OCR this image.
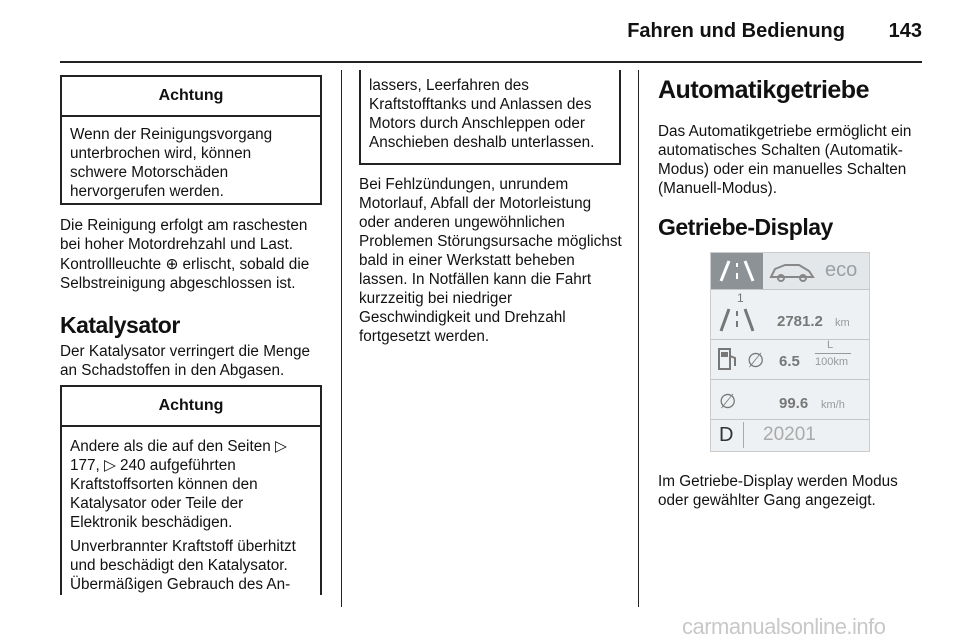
Fahren und Bedienung 143
Achtung

Wenn der Reinigungsvorgang unterbrochen wird, können schwere Motorschäden hervorgerufen werden.

Die Reinigung erfolgt am raschesten bei hoher Motordrehzahl und Last.

Kontrollleuchte ⊕ erlischt, sobald die Selbstreinigung abgeschlossen ist.

Katalysator

Der Katalysator verringert die Menge an Schadstoffen in den Abgasen.

Achtung

Andere als die auf den Seiten ▷ 177, ▷ 240 aufgeführten Kraftstoffsorten können den Katalysator oder Teile der Elektronik beschädigen.

Unverbrannter Kraftstoff überhitzt und beschädigt den Katalysator. Übermäßigen Gebrauch des An-

lassers, Leerfahren des Kraftstofftanks und Anlassen des Motors durch Anschleppen oder Anschieben deshalb unterlassen.

Bei Fehlzündungen, unrundem Motorlauf, Abfall der Motorleistung oder anderen ungewöhnlichen Problemen Störungsursache möglichst bald in einer Werkstatt beheben lassen. In Notfällen kann die Fahrt kurzzeitig bei niedriger Geschwindigkeit und Drehzahl fortgesetzt werden.

Automatikgetriebe

Das Automatikgetriebe ermöglicht ein automatisches Schalten (Automatik-Modus) oder ein manuelles Schalten (Manuell-Modus).

Getriebe-Display
eco
1
2781.2 km
∅ 6.5
L
100km
∅	99.6 km/h
D 20201

Im Getriebe-Display werden Modus oder gewählter Gang angezeigt.

carmanualsonline.info
